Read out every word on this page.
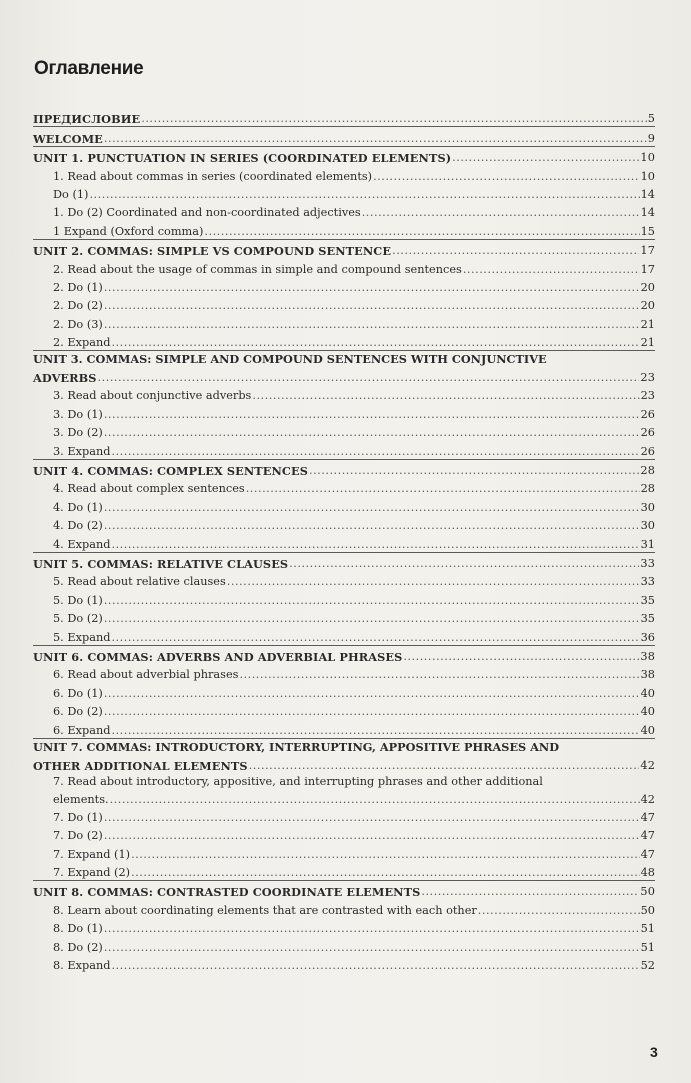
Оглавление
ПРЕДИСЛОВИЕ .....	5
WELCOME .....	9
UNIT 1. PUNCTUATION IN SERIES (COORDINATED ELEMENTS) .....	10
1. Read about commas in series (coordinated elements) .....	10
Do (1) .....	14
1. Do (2) Coordinated and non-coordinated adjectives .....	14
1 Expand (Oxford comma) .....	15
UNIT 2. COMMAS: SIMPLE VS COMPOUND SENTENCE .....	17
2. Read about the usage of commas in simple and compound sentences .....	17
2. Do (1) .....	20
2. Do (2) .....	20
2. Do (3) .....	21
2. Expand .....	21
UNIT 3. COMMAS: SIMPLE AND COMPOUND SENTENCES WITH CONJUNCTIVE
ADVERBS .....	23
3. Read about conjunctive adverbs .....	23
3. Do (1) .....	26
3. Do (2) .....	26
3. Expand .....	26
UNIT 4. COMMAS: COMPLEX SENTENCES .....	28
4. Read about complex sentences .....	28
4. Do (1) .....	30
4. Do (2) .....	30
4. Expand .....	31
UNIT 5. COMMAS: RELATIVE CLAUSES .....	33
5. Read about relative clauses .....	33
5. Do (1) .....	35
5. Do (2) .....	35
5. Expand .....	36
UNIT 6. COMMAS: ADVERBS AND ADVERBIAL PHRASES .....	38
6. Read about adverbial phrases .....	38
6. Do (1) .....	40
6. Do (2) .....	40
6. Expand .....	40
UNIT 7. COMMAS: INTRODUCTORY, INTERRUPTING, APPOSITIVE PHRASES AND
OTHER ADDITIONAL ELEMENTS .....	42
7. Read about introductory, appositive, and interrupting phrases and other additional
elements. .....	42
7. Do (1) .....	47
7. Do (2) .....	47
7. Expand (1) .....	47
7. Expand (2) .....	48
UNIT 8. COMMAS: CONTRASTED COORDINATE ELEMENTS .....	50
8. Learn about coordinating elements that are contrasted with each other .....	50
8. Do (1) .....	51
8. Do (2) .....	51
8. Expand .....	52
3
